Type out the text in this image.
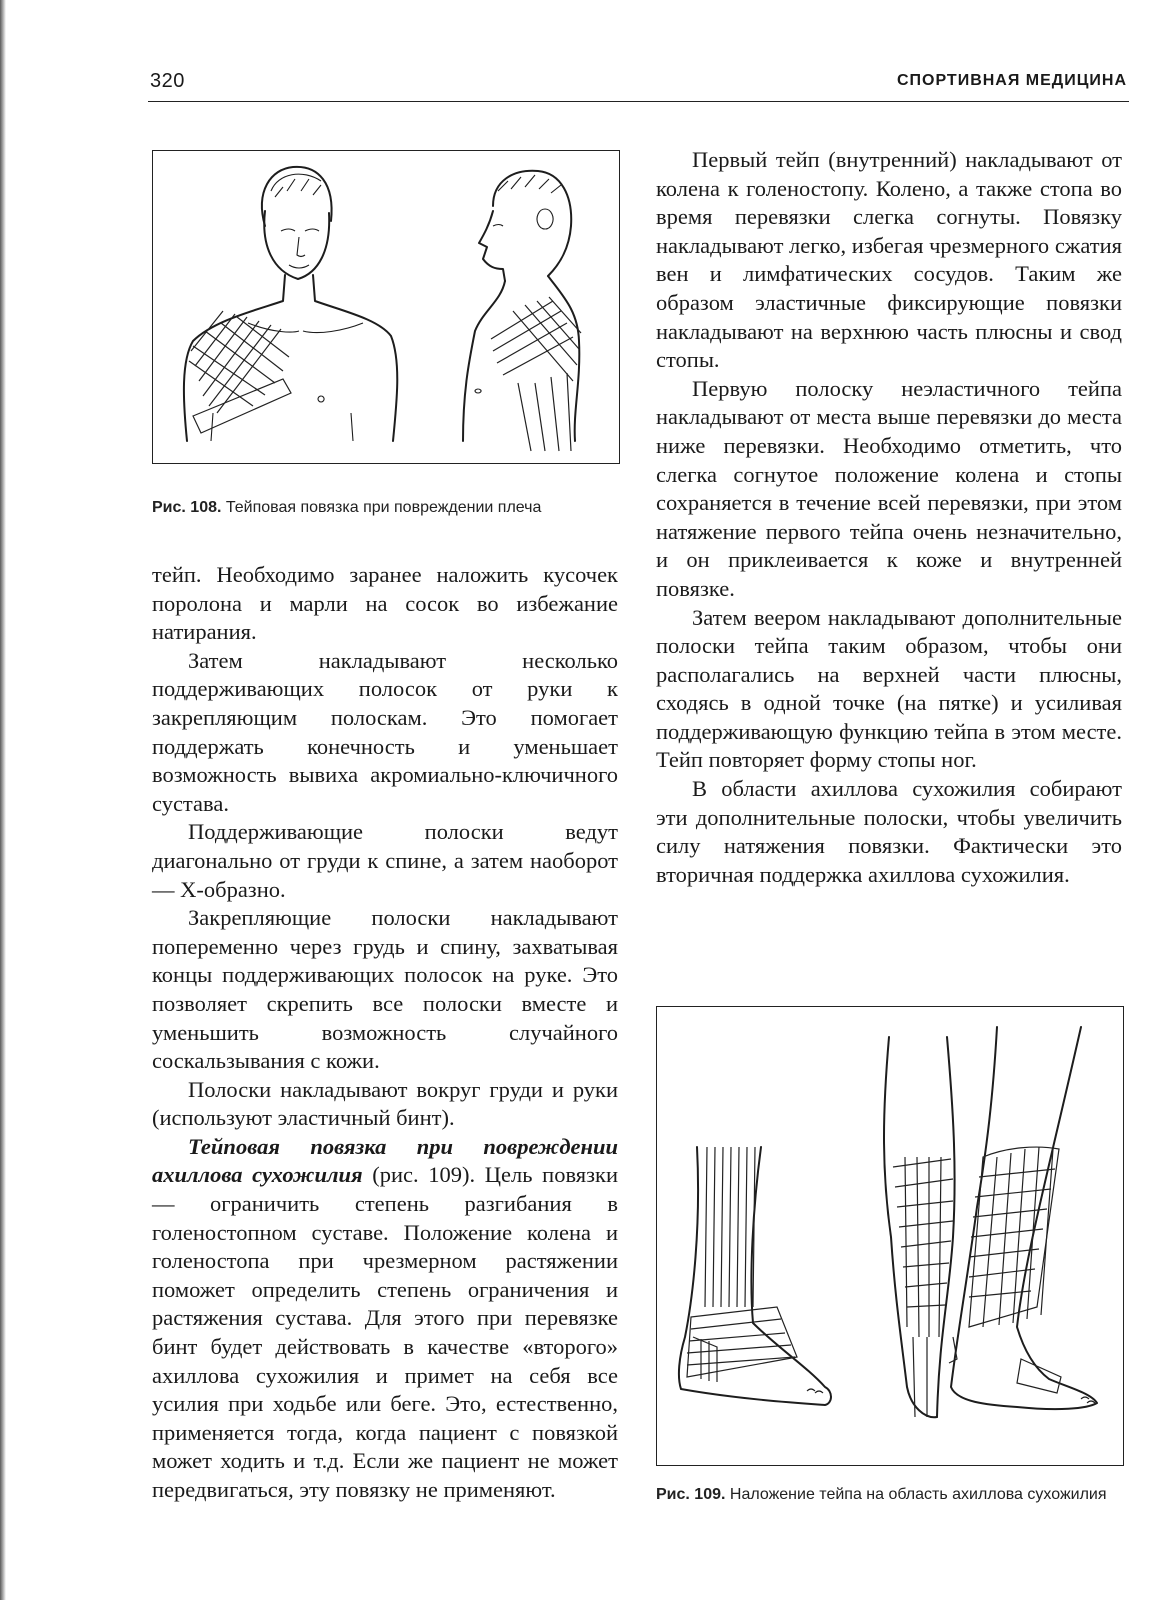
320	СПОРТИВНАЯ МЕДИЦИНА
Рис. 108. Тейповая повязка при повреждении плеча

тейп. Необходимо заранее наложить кусочек поролона и марли на сосок во избежание натирания.

Затем накладывают несколько поддерживающих полосок от руки к закрепляющим полоскам. Это помогает поддержать конечность и уменьшает возможность вывиха акромиально-ключичного сустава.

Поддерживающие полоски ведут диагонально от груди к спине, а затем наоборот — Х-образно.

Закрепляющие полоски накладывают попеременно через грудь и спину, захватывая концы поддерживающих полосок на руке. Это позволяет скрепить все полоски вместе и уменьшить возможность случайного соскальзывания с кожи.

Полоски накладывают вокруг груди и руки (используют эластичный бинт).

Тейповая повязка при повреждении ахиллова сухожилия (рис. 109). Цель повязки — ограничить степень разгибания в голеностопном суставе. Положение колена и голеностопа при чрезмерном растяжении поможет определить степень ограничения и растяжения сустава. Для этого при перевязке бинт будет действовать в качестве «второго» ахиллова сухожилия и примет на себя все усилия при ходьбе или беге. Это, естественно, применяется тогда, когда пациент с повязкой может ходить и т.д. Если же пациент не может передвигаться, эту повязку не применяют.

Первый тейп (внутренний) накладывают от колена к голеностопу. Колено, а также стопа во время перевязки слегка согнуты. Повязку накладывают легко, избегая чрезмерного сжатия вен и лимфатических сосудов. Таким же образом эластичные фиксирующие повязки накладывают на верхнюю часть плюсны и свод стопы.

Первую полоску неэластичного тейпа накладывают от места выше перевязки до места ниже перевязки. Необходимо отметить, что слегка согнутое положение колена и стопы сохраняется в течение всей перевязки, при этом натяжение первого тейпа очень незначительно, и он приклеивается к коже и внутренней повязке.

Затем веером накладывают дополнительные полоски тейпа таким образом, чтобы они располагались на верхней части плюсны, сходясь в одной точке (на пятке) и усиливая поддерживающую функцию тейпа в этом месте. Тейп повторяет форму стопы ног.

В области ахиллова сухожилия собирают эти дополнительные полоски, чтобы увеличить силу натяжения повязки. Фактически это вторичная поддержка ахиллова сухожилия.

Рис. 109. Наложение тейпа на область ахиллова сухожилия
